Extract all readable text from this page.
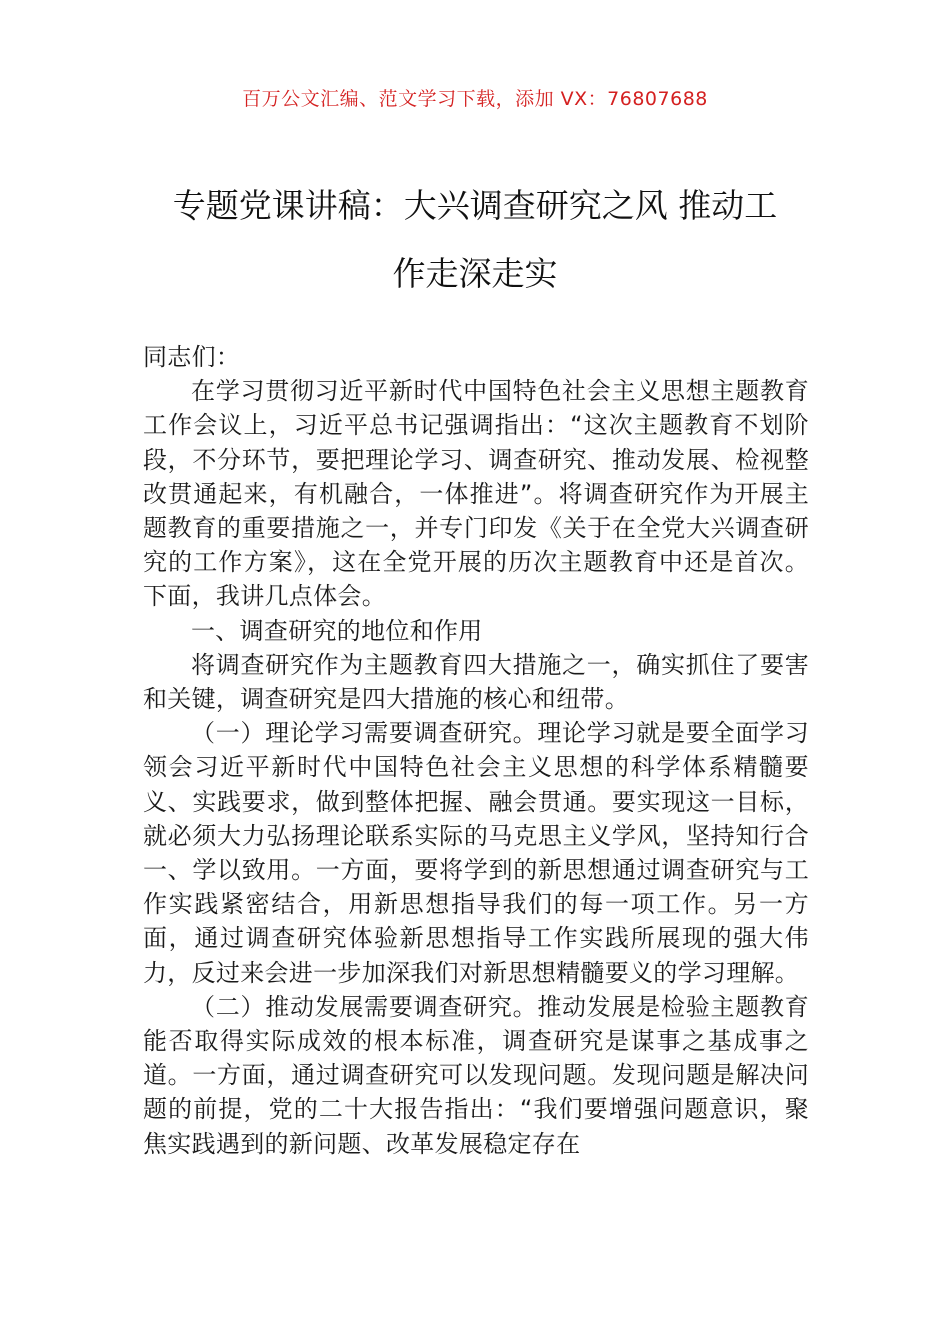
百万公文汇编、范文学习下载，添加 VX：76807688
专题党课讲稿：大兴调查研究之风 推动工
作走深走实

同志们：

在学习贯彻习近平新时代中国特色社会主义思想主题教育工作会议上，习近平总书记强调指出：“这次主题教育不划阶段，不分环节，要把理论学习、调查研究、推动发展、检视整改贯通起来，有机融合，一体推进”。将调查研究作为开展主题教育的重要措施之一，并专门印发《关于在全党大兴调查研究的工作方案》，这在全党开展的历次主题教育中还是首次。下面，我讲几点体会。

一、调查研究的地位和作用

将调查研究作为主题教育四大措施之一，确实抓住了要害和关键，调查研究是四大措施的核心和纽带。

（一）理论学习需要调查研究。理论学习就是要全面学习领会习近平新时代中国特色社会主义思想的科学体系精髓要义、实践要求，做到整体把握、融会贯通。要实现这一目标，就必须大力弘扬理论联系实际的马克思主义学风，坚持知行合一、学以致用。一方面，要将学到的新思想通过调查研究与工作实践紧密结合，用新思想指导我们的每一项工作。另一方面，通过调查研究体验新思想指导工作实践所展现的强大伟力，反过来会进一步加深我们对新思想精髓要义的学习理解。

（二）推动发展需要调查研究。推动发展是检验主题教育能否取得实际成效的根本标准，调查研究是谋事之基成事之道。一方面，通过调查研究可以发现问题。发现问题是解决问题的前提，党的二十大报告指出：“我们要增强问题意识，聚焦实践遇到的新问题、改革发展稳定存在
